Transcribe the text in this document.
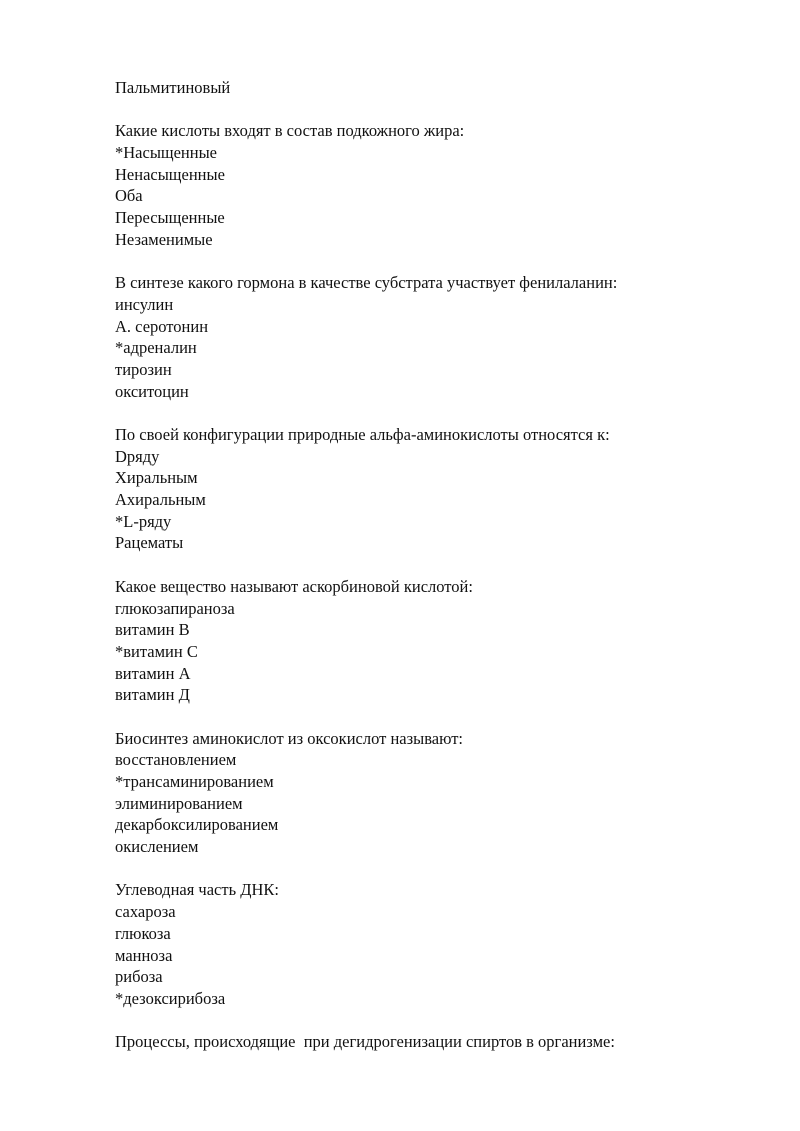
Пальмитиновый
Какие кислоты входят в состав подкожного жира:
*Насыщенные
Ненасыщенные
Оба
Пересыщенные
Незаменимые
В синтезе какого гормона в качестве субстрата участвует фенилаланин:
инсулин
А. серотонин
*адреналин
тирозин
окситоцин
По своей конфигурации природные альфа-аминокислоты относятся к:
Dряду
Хиральным
Ахиральным
*L-ряду
Рацематы
Какое вещество называют аскорбиновой кислотой:
глюкозапираноза
витамин В
*витамин С
витамин А
витамин Д
Биосинтез аминокислот из оксокислот называют:
восстановлением
*трансаминированием
элиминированием
декарбоксилированием
окислением
Углеводная часть ДНК:
сахароза
глюкоза
манноза
рибоза
*дезоксирибоза
Процессы, происходящие  при дегидрогенизации спиртов в организме:
